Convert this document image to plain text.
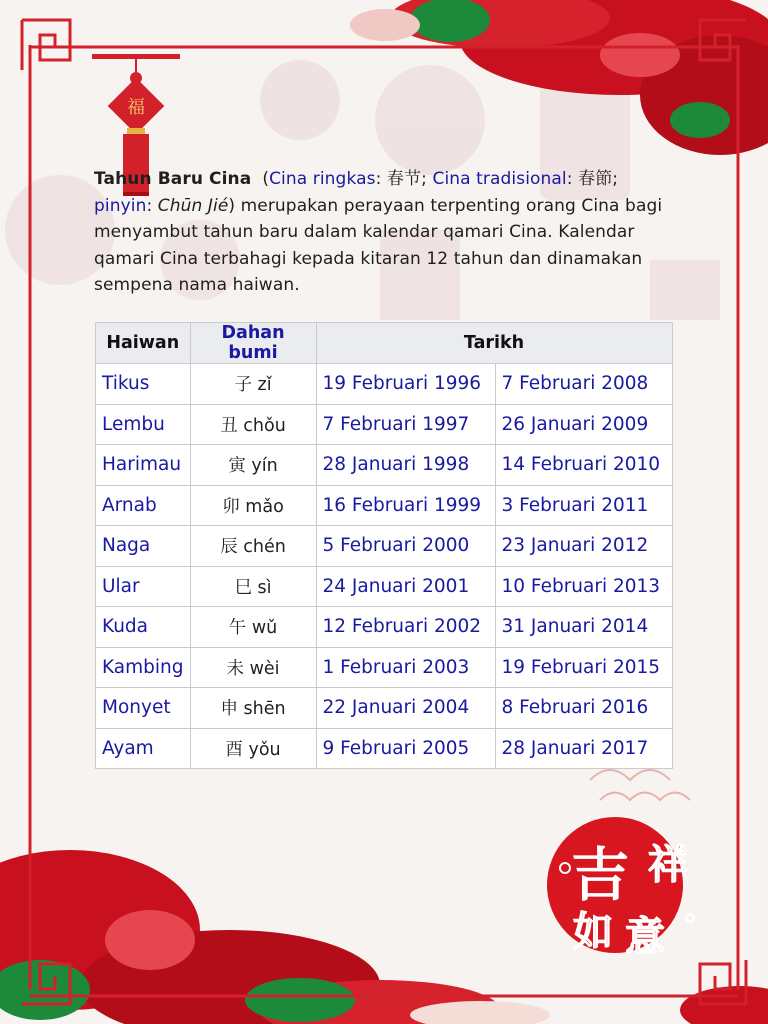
福
吉 祥
如 意

Tahun Baru Cina (Cina ringkas: 春节; Cina tradisional: 春節; pinyin: Chūn Jié) merupakan perayaan terpenting orang Cina bagi menyambut tahun baru dalam kalendar qamari Cina. Kalendar qamari Cina terbahagi kepada kitaran 12 tahun dan dinamakan sempena nama haiwan.

Haiwan	Dahan bumi	Tarikh	
Tikus	子 zǐ	19 Februari 1996	7 Februari 2008
Lembu	丑 chǒu	7 Februari 1997	26 Januari 2009
Harimau	寅 yín	28 Januari 1998	14 Februari 2010
Arnab	卯 mǎo	16 Februari 1999	3 Februari 2011
Naga	辰 chén	5 Februari 2000	23 Januari 2012
Ular	巳 sì	24 Januari 2001	10 Februari 2013
Kuda	午 wǔ	12 Februari 2002	31 Januari 2014
Kambing	未 wèi	1 Februari 2003	19 Februari 2015
Monyet	申 shēn	22 Januari 2004	8 Februari 2016
Ayam	酉 yǒu	9 Februari 2005	28 Januari 2017
